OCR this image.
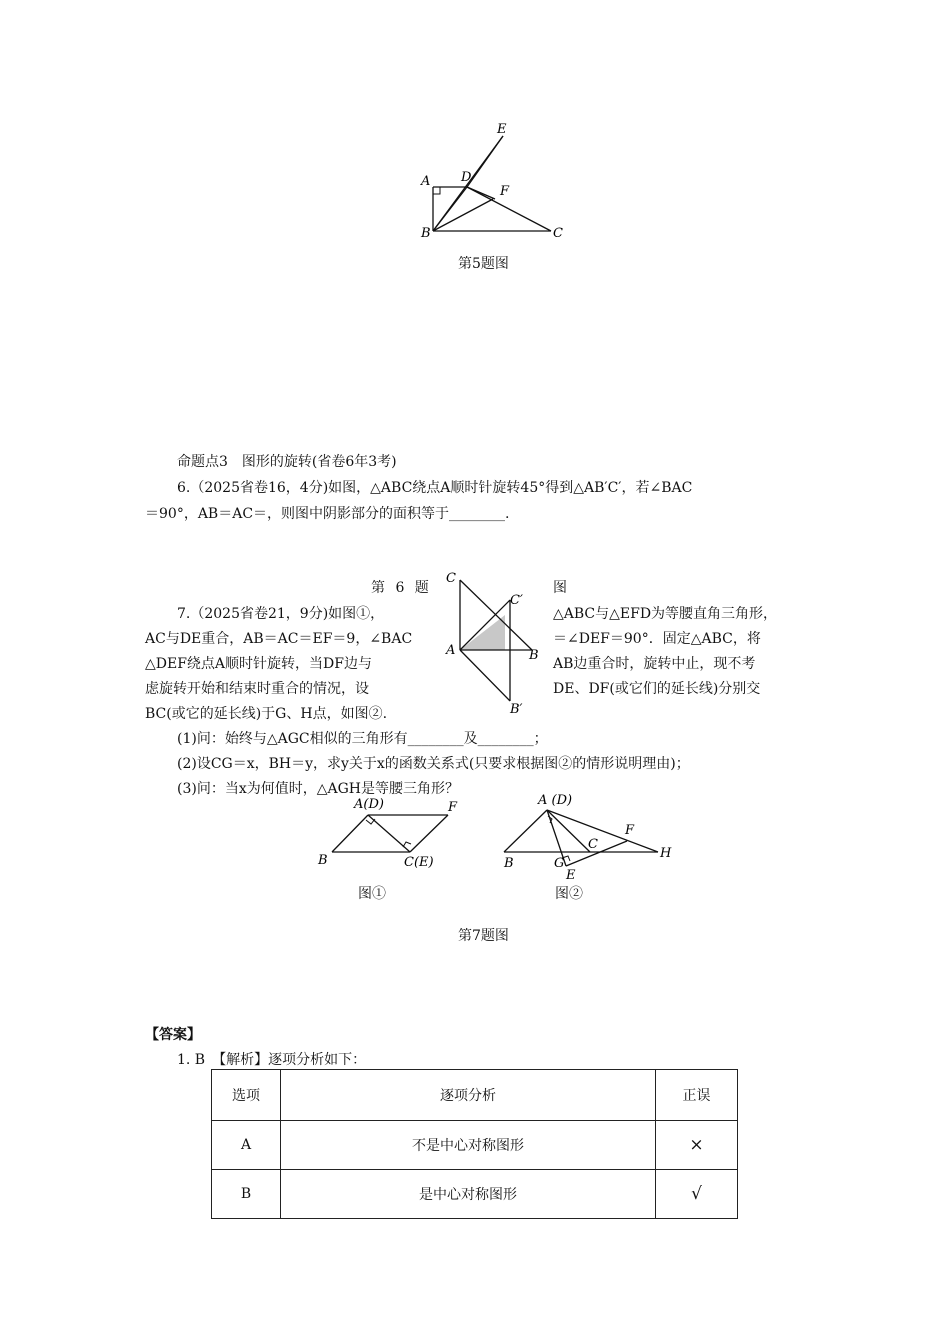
A
B	C
D
E
F
第5题图
命题点3　图形的旋转(省卷6年3考)
6.（2025省卷16，4分)如图，△ABC绕点A顺时针旋转45°得到△AB′C′，若∠BAC
＝90°，AB＝AC＝，则图中阴影部分的面积等于________.
C
C′
A	B
B′
第 6 题	图
7.（2025省卷21，9分)如图①，
AC与DE重合，AB＝AC＝EF＝9，∠BAC
△DEF绕点A顺时针旋转，当DF边与
虑旋转开始和结束时重合的情况，设
BC(或它的延长线)于G、H点，如图②.
△ABC与△EFD为等腰直角三角形，
＝∠DEF＝90°．固定△ABC，将
AB边重合时，旋转中止，现不考
DE、DF(或它们的延长线)分别交
(1)问：始终与△AGC相似的三角形有________及________；
(2)设CG＝x，BH＝y，求y关于x的函数关系式(只要求根据图②的情形说明理由)；
(3)问：当x为何值时，△AGH是等腰三角形？
A(D)	F
B	C(E)
图①
A (D)
F
C
B	G
E
H
图②
第7题图
【答案】
1. B　【解析】逐项分析如下：
选项	逐项分析	正误
A	不是中心对称图形	×
B	是中心对称图形	√
